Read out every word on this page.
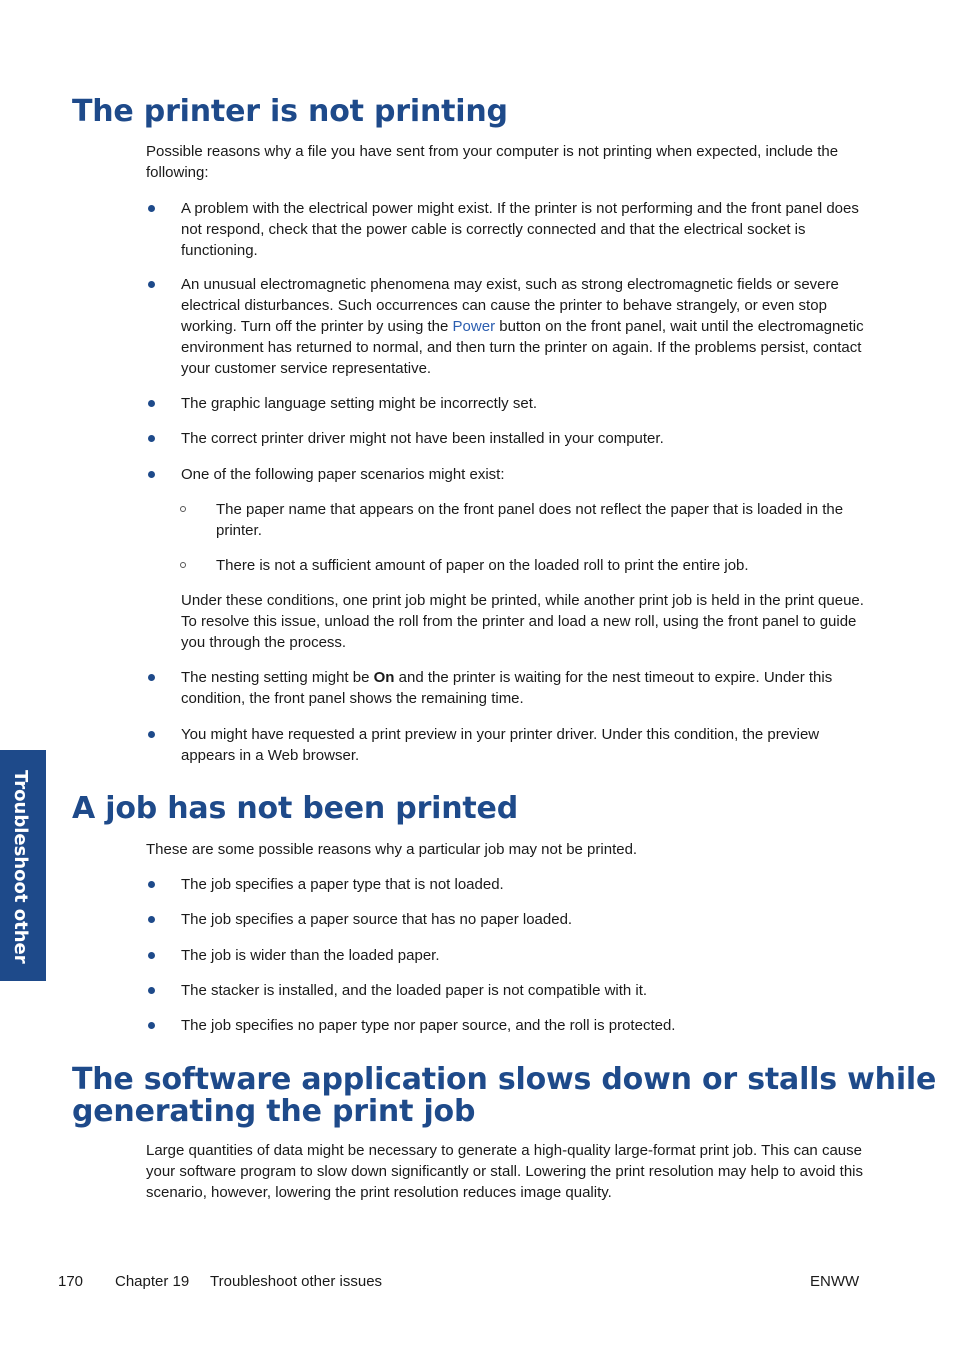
The printer is not printing

Possible reasons why a file you have sent from your computer is not printing when expected, include the following:

A problem with the electrical power might exist. If the printer is not performing and the front panel does not respond, check that the power cable is correctly connected and that the electrical socket is functioning.
An unusual electromagnetic phenomena may exist, such as strong electromagnetic fields or severe electrical disturbances. Such occurrences can cause the printer to behave strangely, or even stop working. Turn off the printer by using the Power button on the front panel, wait until the electromagnetic environment has returned to normal, and then turn the printer on again. If the problems persist, contact your customer service representative.
The graphic language setting might be incorrectly set.
The correct printer driver might not have been installed in your computer.
One of the following paper scenarios might exist:
The paper name that appears on the front panel does not reflect the paper that is loaded in the printer.
There is not a sufficient amount of paper on the loaded roll to print the entire job.

Under these conditions, one print job might be printed, while another print job is held in the print queue. To resolve this issue, unload the roll from the printer and load a new roll, using the front panel to guide you through the process.

The nesting setting might be On and the printer is waiting for the nest timeout to expire. Under this condition, the front panel shows the remaining time.
You might have requested a print preview in your printer driver. Under this condition, the preview appears in a Web browser.
Troubleshoot other A job has not been printed

These are some possible reasons why a particular job may not be printed.

The job specifies a paper type that is not loaded.
The job specifies a paper source that has no paper loaded.
The job is wider than the loaded paper.
The stacker is installed, and the loaded paper is not compatible with it.
The job specifies no paper type nor paper source, and the roll is protected.
The software application slows down or stalls while
generating the print job

Large quantities of data might be necessary to generate a high-quality large-format print job. This can cause your software program to slow down significantly or stall. Lowering the print resolution may help to avoid this scenario, however, lowering the print resolution reduces image quality.

170 Chapter 19 Troubleshoot other issues	ENWW
